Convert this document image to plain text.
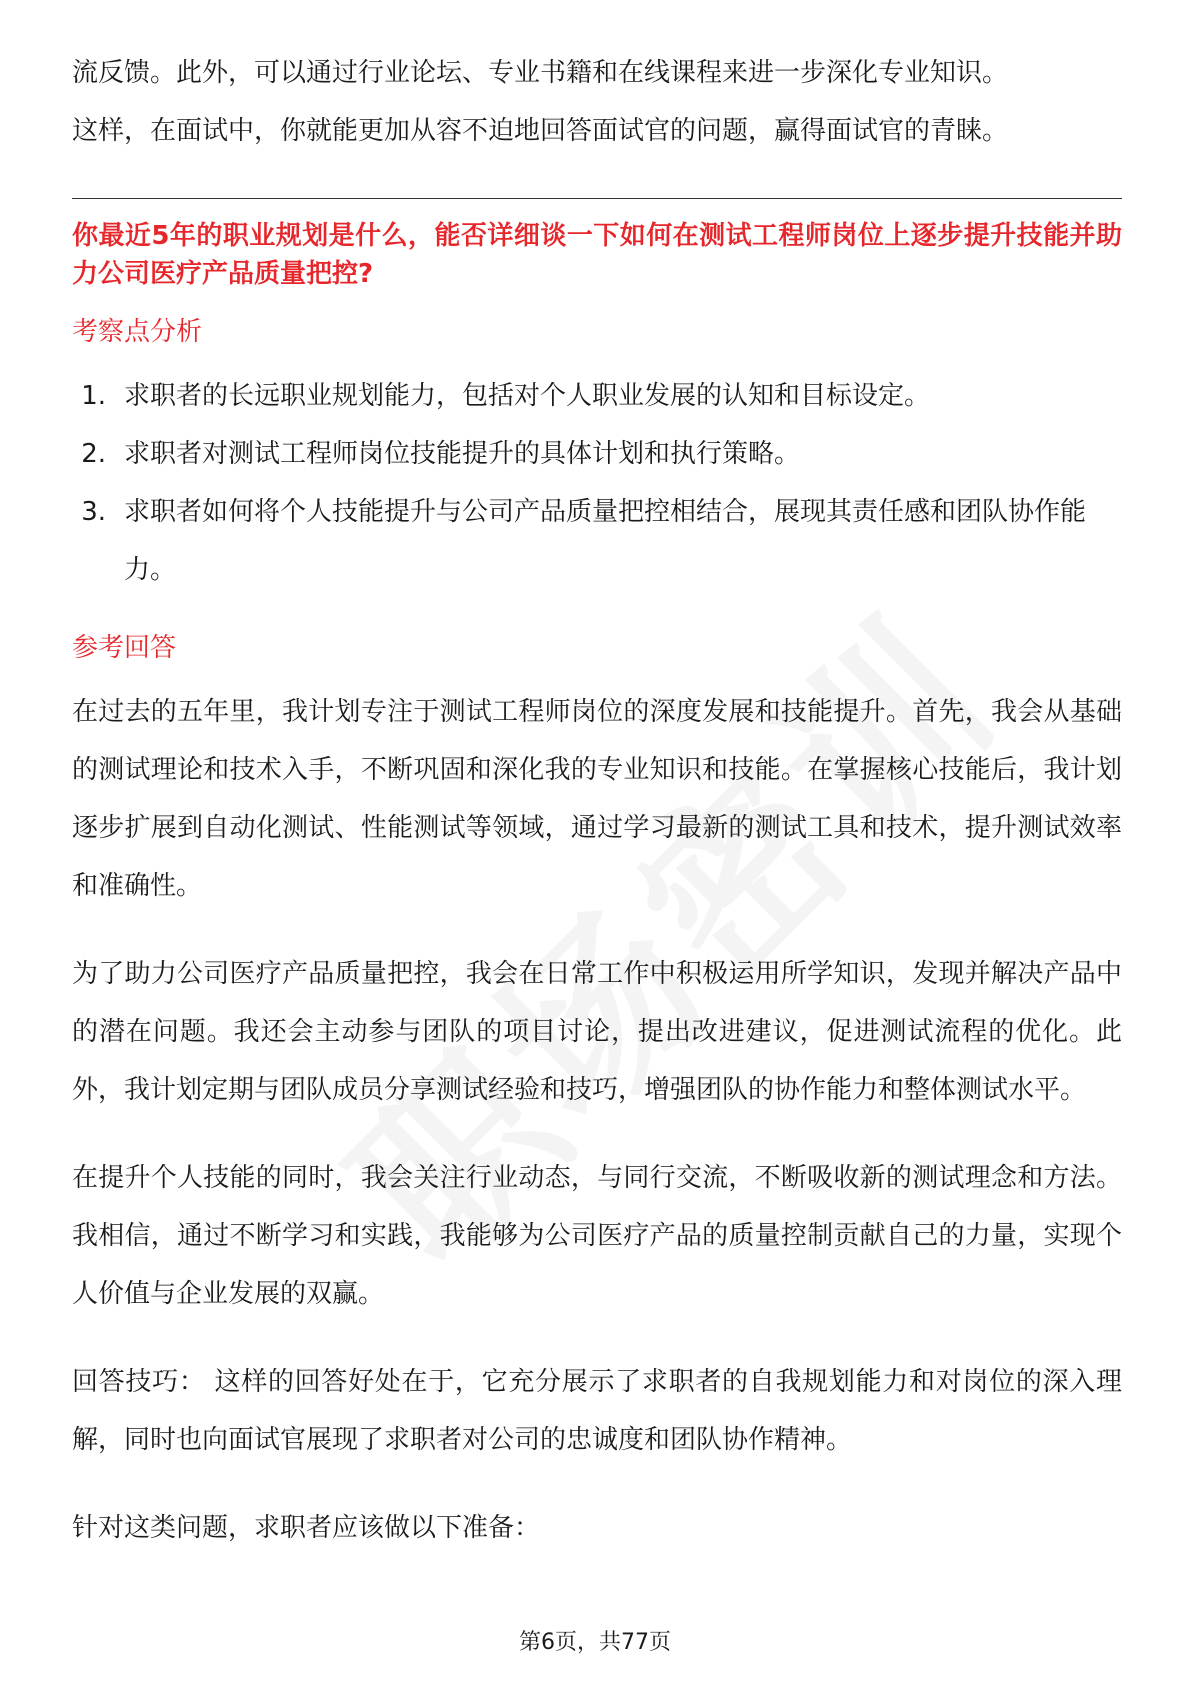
流反馈。此外，可以通过行业论坛、专业书籍和在线课程来进一步深化专业知识。

这样，在面试中，你就能更加从容不迫地回答面试官的问题，赢得面试官的青睐。

你最近5年的职业规划是什么，能否详细谈一下如何在测试工程师岗位上逐步提升技能并助力公司医疗产品质量把控?

考察点分析
1. 求职者的长远职业规划能力，包括对个人职业发展的认知和目标设定。
2. 求职者对测试工程师岗位技能提升的具体计划和执行策略。
3. 求职者如何将个人技能提升与公司产品质量把控相结合，展现其责任感和团队协作能力。
参考回答

在过去的五年里，我计划专注于测试工程师岗位的深度发展和技能提升。首先，我会从基础的测试理论和技术入手，不断巩固和深化我的专业知识和技能。在掌握核心技能后，我计划逐步扩展到自动化测试、性能测试等领域，通过学习最新的测试工具和技术，提升测试效率和准确性。

为了助力公司医疗产品质量把控，我会在日常工作中积极运用所学知识，发现并解决产品中的潜在问题。我还会主动参与团队的项目讨论，提出改进建议，促进测试流程的优化。此外，我计划定期与团队成员分享测试经验和技巧，增强团队的协作能力和整体测试水平。

在提升个人技能的同时，我会关注行业动态，与同行交流，不断吸收新的测试理念和方法。我相信，通过不断学习和实践，我能够为公司医疗产品的质量控制贡献自己的力量，实现个人价值与企业发展的双赢。

回答技巧： 这样的回答好处在于，它充分展示了求职者的自我规划能力和对岗位的深入理解，同时也向面试官展现了求职者对公司的忠诚度和团队协作精神。

针对这类问题，求职者应该做以下准备：

第6页，共77页
